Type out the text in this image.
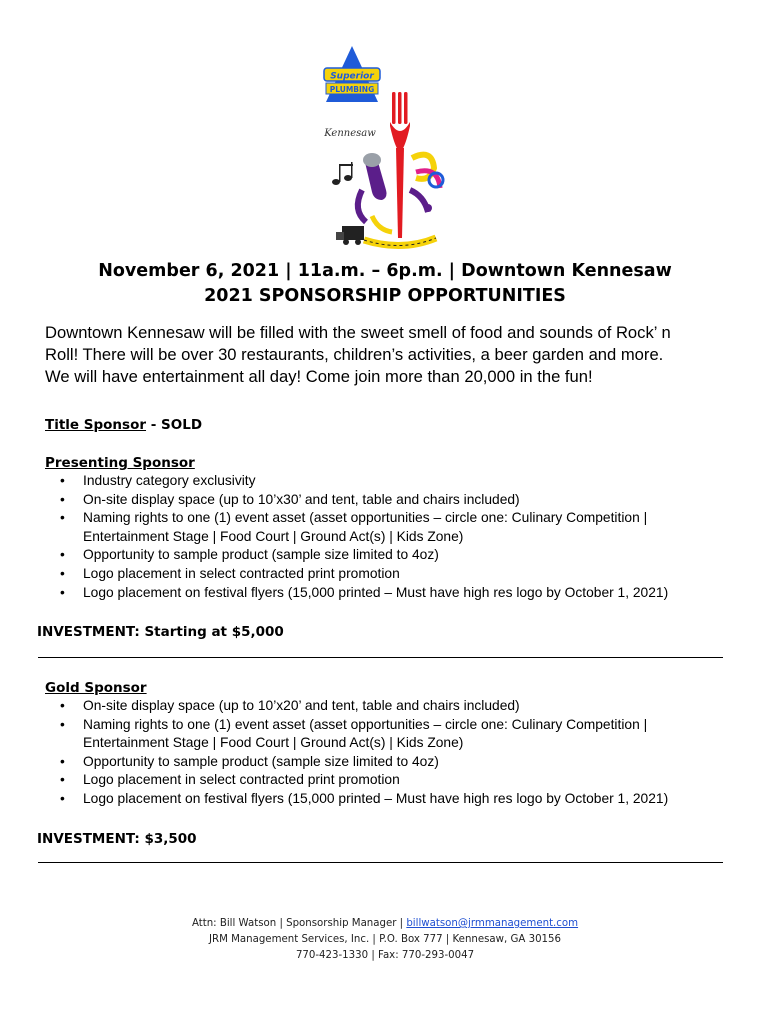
Superior
PLUMBING
Kennesaw
November 6, 2021 | 11a.m. – 6p.m. | Downtown Kennesaw
2021 SPONSORSHIP OPPORTUNITIES
Downtown Kennesaw will be filled with the sweet smell of food and sounds of Rock’ n
Roll! There will be over 30 restaurants, children’s activities, a beer garden and more.
We will have entertainment all day! Come join more than 20,000 in the fun!
Title Sponsor - SOLD
Presenting Sponsor
• Industry category exclusivity
• On-site display space (up to 10’x30’ and tent, table and chairs included)
• Naming rights to one (1) event asset (asset opportunities – circle one: Culinary Competition | Entertainment Stage | Food Court | Ground Act(s) | Kids Zone)
• Opportunity to sample product (sample size limited to 4oz)
• Logo placement in select contracted print promotion
• Logo placement on festival flyers (15,000 printed – Must have high res logo by October 1, 2021)
INVESTMENT: Starting at $5,000
Gold Sponsor
• On-site display space (up to 10’x20’ and tent, table and chairs included)
• Naming rights to one (1) event asset (asset opportunities – circle one: Culinary Competition | Entertainment Stage | Food Court | Ground Act(s) | Kids Zone)
• Opportunity to sample product (sample size limited to 4oz)
• Logo placement in select contracted print promotion
• Logo placement on festival flyers (15,000 printed – Must have high res logo by October 1, 2021)
INVESTMENT: $3,500
Attn: Bill Watson | Sponsorship Manager | billwatson@jrmmanagement.com
JRM Management Services, Inc. | P.O. Box 777 | Kennesaw, GA 30156
770-423-1330 | Fax: 770-293-0047
